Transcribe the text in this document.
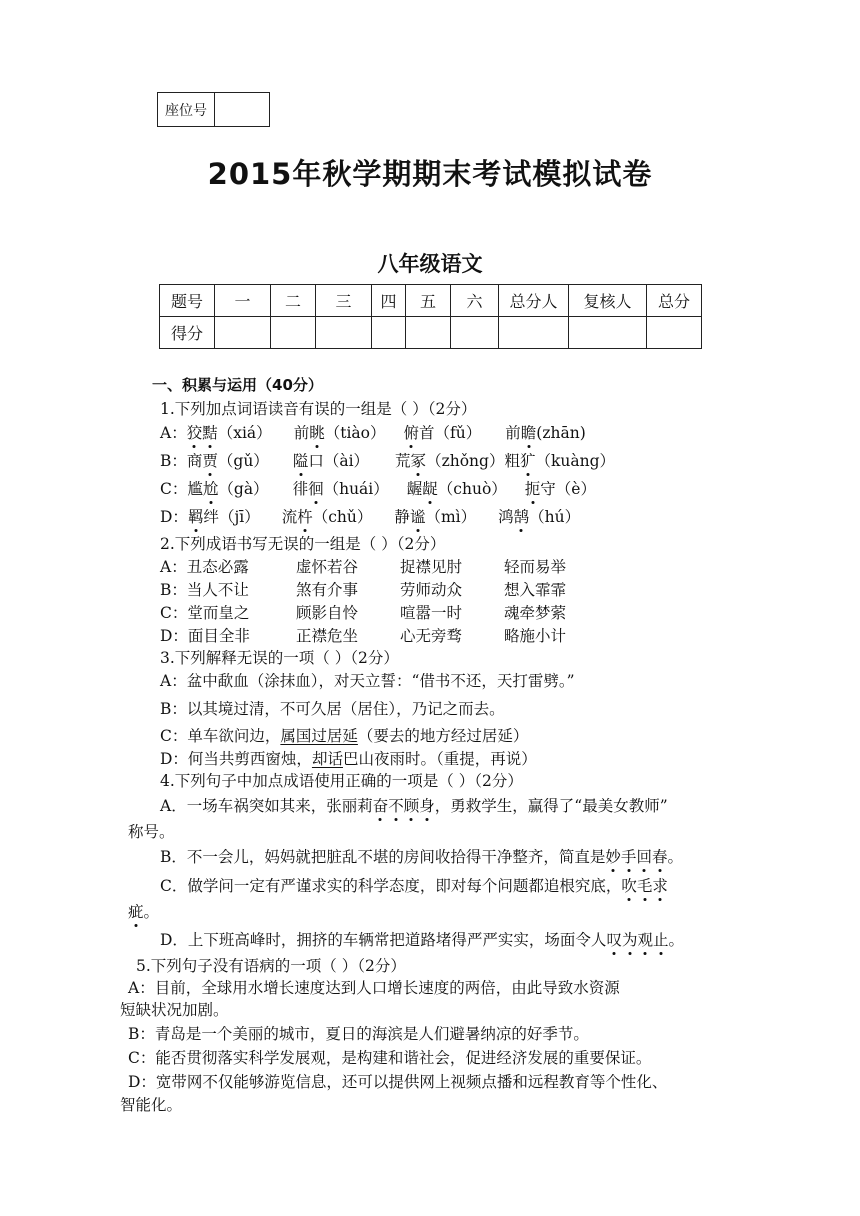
座位号
2015年秋学期期末考试模拟试卷
八年级语文
题号	一	二	三	四	五	六	总分人	复核人	总分
得分									
一、积累与运用（40分）
1.下列加点词语读音有误的一组是（ ）（2分）
A：狡黠（xiá） 前眺（tiào） 俯首（fǔ） 前瞻(zhān)
B：商贾（gǔ） 隘口（ài） 荒冢（zhǒng）粗犷（kuàng）
C：尴尬（gà） 徘徊（huái） 龌龊（chuò） 扼守（è）
D：羁绊（jī） 流杵（chǔ） 静谧（mì） 鸿鹄（hú）
2.下列成语书写无误的一组是（ ）（2分）
A：丑态必露	虚怀若谷	捉襟见肘	轻而易举
B：当人不让	煞有介事	劳师动众	想入霏霏
C：堂而皇之	顾影自怜	喧嚣一时	魂牵梦萦
D：面目全非	正襟危坐	心无旁骛	略施小计
3.下列解释无误的一项（ ）（2分）
A：盆中歃血（涂抹血），对天立誓：“借书不还，天打雷劈。”
B：以其境过清，不可久居（居住），乃记之而去。
C：单车欲问边，属国过居延（要去的地方经过居延）
D：何当共剪西窗烛，却话巴山夜雨时。（重提，再说）
4.下列句子中加点成语使用正确的一项是（ ）（2分）
A．一场车祸突如其来，张丽莉奋不顾身，勇救学生，赢得了“最美女教师”
称号。
B．不一会儿，妈妈就把脏乱不堪的房间收拾得干净整齐，简直是妙手回春。
C．做学问一定有严谨求实的科学态度，即对每个问题都追根究底，吹毛求
疵。
D．上下班高峰时，拥挤的车辆常把道路堵得严严实实，场面令人叹为观止。
5.下列句子没有语病的一项（ ）（2分）
A：目前，全球用水增长速度达到人口增长速度的两倍，由此导致水资源
短缺状况加剧。
B：青岛是一个美丽的城市，夏日的海滨是人们避暑纳凉的好季节。
C：能否贯彻落实科学发展观，是构建和谐社会，促进经济发展的重要保证。
D：宽带网不仅能够游览信息，还可以提供网上视频点播和远程教育等个性化、
智能化。
